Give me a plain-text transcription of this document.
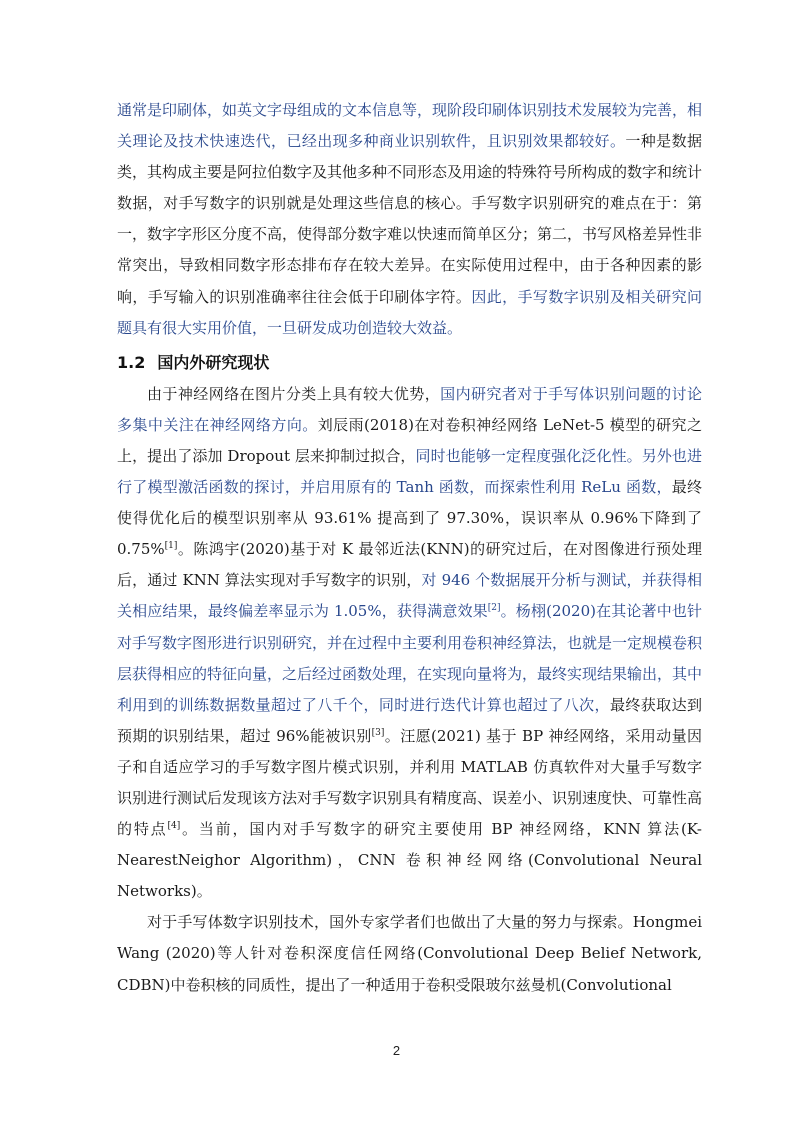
通常是印刷体，如英文字母组成的文本信息等，现阶段印刷体识别技术发展较为完善，相关理论及技术快速迭代，已经出现多种商业识别软件，且识别效果都较好。一种是数据类，其构成主要是阿拉伯数字及其他多种不同形态及用途的特殊符号所构成的数字和统计数据，对手写数字的识别就是处理这些信息的核心。手写数字识别研究的难点在于：第一，数字字形区分度不高，使得部分数字难以快速而简单区分；第二，书写风格差异性非常突出，导致相同数字形态排布存在较大差异。在实际使用过程中，由于各种因素的影响，手写输入的识别准确率往往会低于印刷体字符。因此，手写数字识别及相关研究问题具有很大实用价值，一旦研发成功创造较大效益。

1.2 国内外研究现状

由于神经网络在图片分类上具有较大优势，国内研究者对于手写体识别问题的讨论多集中关注在神经网络方向。刘辰雨(2018)在对卷积神经网络 LeNet-5 模型的研究之上，提出了添加 Dropout 层来抑制过拟合，同时也能够一定程度强化泛化性。另外也进行了模型激活函数的探讨，并启用原有的 Tanh 函数，而探索性利用 ReLu 函数，最终使得优化后的模型识别率从 93.61% 提高到了 97.30%，误识率从 0.96%下降到了 0.75%[1]。陈鸿宇(2020)基于对 K 最邻近法(KNN)的研究过后，在对图像进行预处理后，通过 KNN 算法实现对手写数字的识别，对 946 个数据展开分析与测试，并获得相关相应结果，最终偏差率显示为 1.05%，获得满意效果[2]。杨栩(2020)在其论著中也针对手写数字图形进行识别研究，并在过程中主要利用卷积神经算法，也就是一定规模卷积层获得相应的特征向量，之后经过函数处理，在实现向量将为，最终实现结果输出，其中利用到的训练数据数量超过了八千个，同时进行迭代计算也超过了八次，最终获取达到预期的识别结果，超过 96%能被识别[3]。汪愿(2021) 基于 BP 神经网络，采用动量因子和自适应学习的手写数字图片模式识别，并利用 MATLAB 仿真软件对大量手写数字识别进行测试后发现该方法对手写数字识别具有精度高、误差小、识别速度快、可靠性高的特点[4]。当前，国内对手写数字的研究主要使用 BP 神经网络，KNN 算法(K-NearestNeighor Algorithm)，CNN 卷积神经网络(Convolutional Neural Networks)。

对于手写体数字识别技术，国外专家学者们也做出了大量的努力与探索。Hongmei Wang (2020)等人针对卷积深度信任网络(Convolutional Deep Belief Network, CDBN)中卷积核的同质性，提出了一种适用于卷积受限玻尔兹曼机(Convolutional

2
